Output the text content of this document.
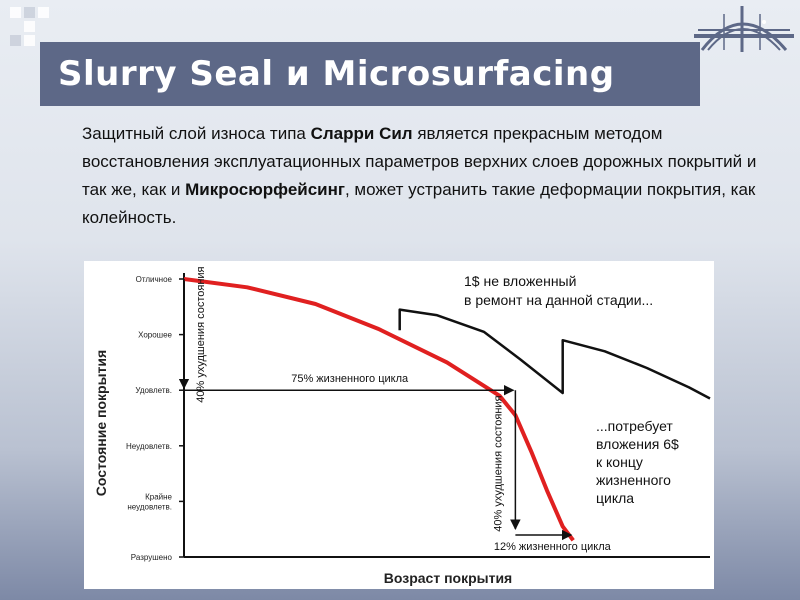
Slurry Seal и Microsurfacing
Защитный слой износа типа Сларри Сил является прекрасным методом восстановления эксплуатационных параметров верхних слоев дорожных покрытий и так же, как и Микросюрфейсинг, может устранить такие деформации покрытия, как колейность.
Отличное
Хорошее
Удовлетв.
Неудовлетв.
Крайне неудовлетв.
Разрушено
40% ухудшения состояния	75% жизненного цикла
40% ухудшения состояния
12% жизненного цикла
1$ не вложенный в ремонт на данной стадии...
...потребует вложения 6$ к концу жизненного цикла
Состояние покрытия
Возраст покрытия
